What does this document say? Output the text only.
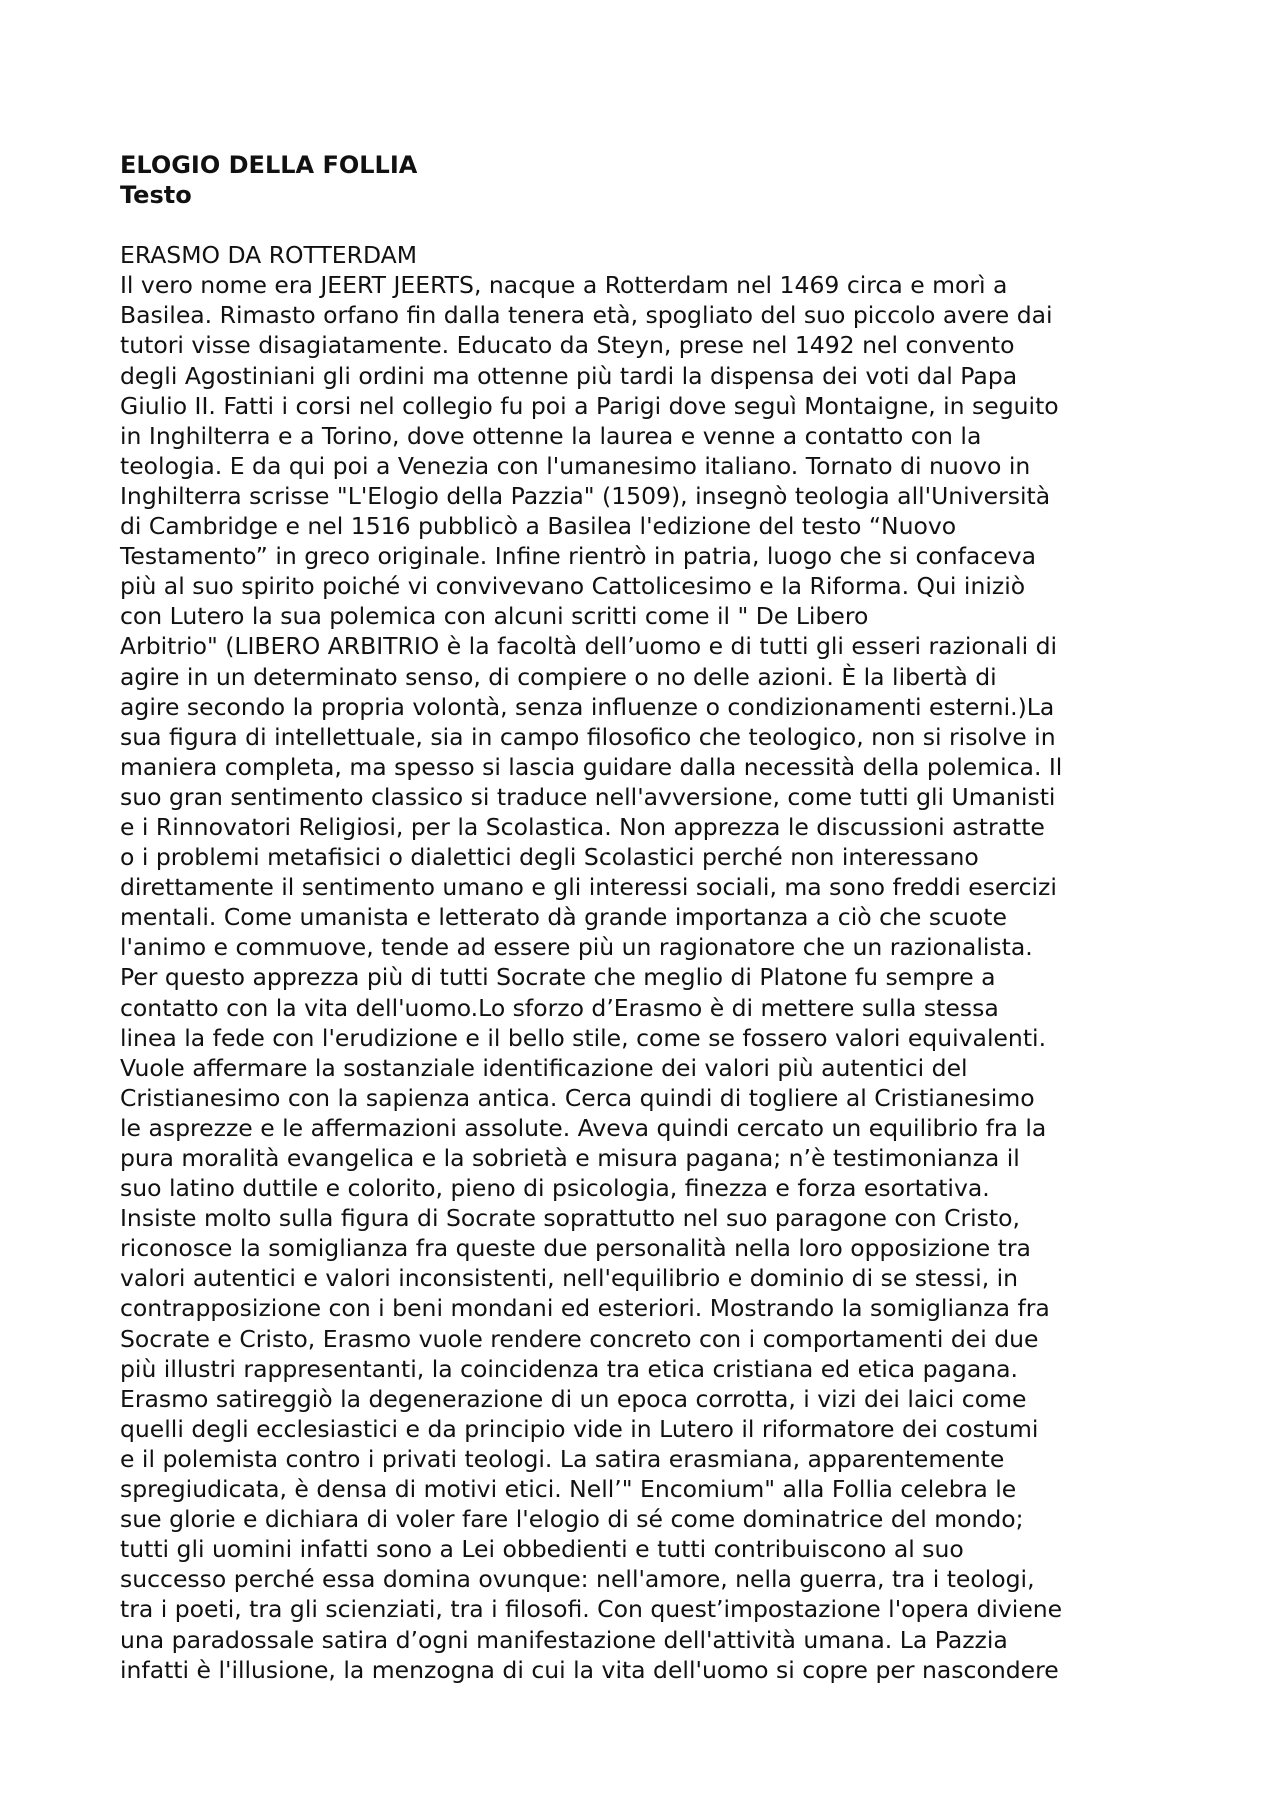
ELOGIO DELLA FOLLIA
Testo
ERASMO DA ROTTERDAM
Il vero nome era JEERT JEERTS, nacque a Rotterdam nel 1469 circa e morì a
Basilea. Rimasto orfano fin dalla tenera età, spogliato del suo piccolo avere dai
tutori visse disagiatamente. Educato da Steyn, prese nel 1492 nel convento
degli Agostiniani gli ordini ma ottenne più tardi la dispensa dei voti dal Papa
Giulio II. Fatti i corsi nel collegio fu poi a Parigi dove seguì Montaigne, in seguito
in Inghilterra e a Torino, dove ottenne la laurea e venne a contatto con la
teologia. E da qui poi a Venezia con l'umanesimo italiano. Tornato di nuovo in
Inghilterra scrisse "L'Elogio della Pazzia" (1509), insegnò teologia all'Università
di Cambridge e nel 1516 pubblicò a Basilea l'edizione del testo “Nuovo
Testamento” in greco originale. Infine rientrò in patria, luogo che si confaceva
più al suo spirito poiché vi convivevano Cattolicesimo e la Riforma. Qui iniziò
con Lutero la sua polemica con alcuni scritti come il " De Libero
Arbitrio" (LIBERO ARBITRIO è la facoltà dell’uomo e di tutti gli esseri razionali di
agire in un determinato senso, di compiere o no delle azioni. È la libertà di
agire secondo la propria volontà, senza influenze o condizionamenti esterni.)La
sua figura di intellettuale, sia in campo filosofico che teologico, non si risolve in
maniera completa, ma spesso si lascia guidare dalla necessità della polemica. Il
suo gran sentimento classico si traduce nell'avversione, come tutti gli Umanisti
e i Rinnovatori Religiosi, per la Scolastica. Non apprezza le discussioni astratte
o i problemi metafisici o dialettici degli Scolastici perché non interessano
direttamente il sentimento umano e gli interessi sociali, ma sono freddi esercizi
mentali. Come umanista e letterato dà grande importanza a ciò che scuote
l'animo e commuove, tende ad essere più un ragionatore che un razionalista.
Per questo apprezza più di tutti Socrate che meglio di Platone fu sempre a
contatto con la vita dell'uomo.Lo sforzo d’Erasmo è di mettere sulla stessa
linea la fede con l'erudizione e il bello stile, come se fossero valori equivalenti.
Vuole affermare la sostanziale identificazione dei valori più autentici del
Cristianesimo con la sapienza antica. Cerca quindi di togliere al Cristianesimo
le asprezze e le affermazioni assolute. Aveva quindi cercato un equilibrio fra la
pura moralità evangelica e la sobrietà e misura pagana; n’è testimonianza il
suo latino duttile e colorito, pieno di psicologia, finezza e forza esortativa.
Insiste molto sulla figura di Socrate soprattutto nel suo paragone con Cristo,
riconosce la somiglianza fra queste due personalità nella loro opposizione tra
valori autentici e valori inconsistenti, nell'equilibrio e dominio di se stessi, in
contrapposizione con i beni mondani ed esteriori. Mostrando la somiglianza fra
Socrate e Cristo, Erasmo vuole rendere concreto con i comportamenti dei due
più illustri rappresentanti, la coincidenza tra etica cristiana ed etica pagana.
Erasmo satireggiò la degenerazione di un epoca corrotta, i vizi dei laici come
quelli degli ecclesiastici e da principio vide in Lutero il riformatore dei costumi
e il polemista contro i privati teologi. La satira erasmiana, apparentemente
spregiudicata, è densa di motivi etici. Nell’" Encomium" alla Follia celebra le
sue glorie e dichiara di voler fare l'elogio di sé come dominatrice del mondo;
tutti gli uomini infatti sono a Lei obbedienti e tutti contribuiscono al suo
successo perché essa domina ovunque: nell'amore, nella guerra, tra i teologi,
tra i poeti, tra gli scienziati, tra i filosofi. Con quest’impostazione l'opera diviene
una paradossale satira d’ogni manifestazione dell'attività umana. La Pazzia
infatti è l'illusione, la menzogna di cui la vita dell'uomo si copre per nascondere
